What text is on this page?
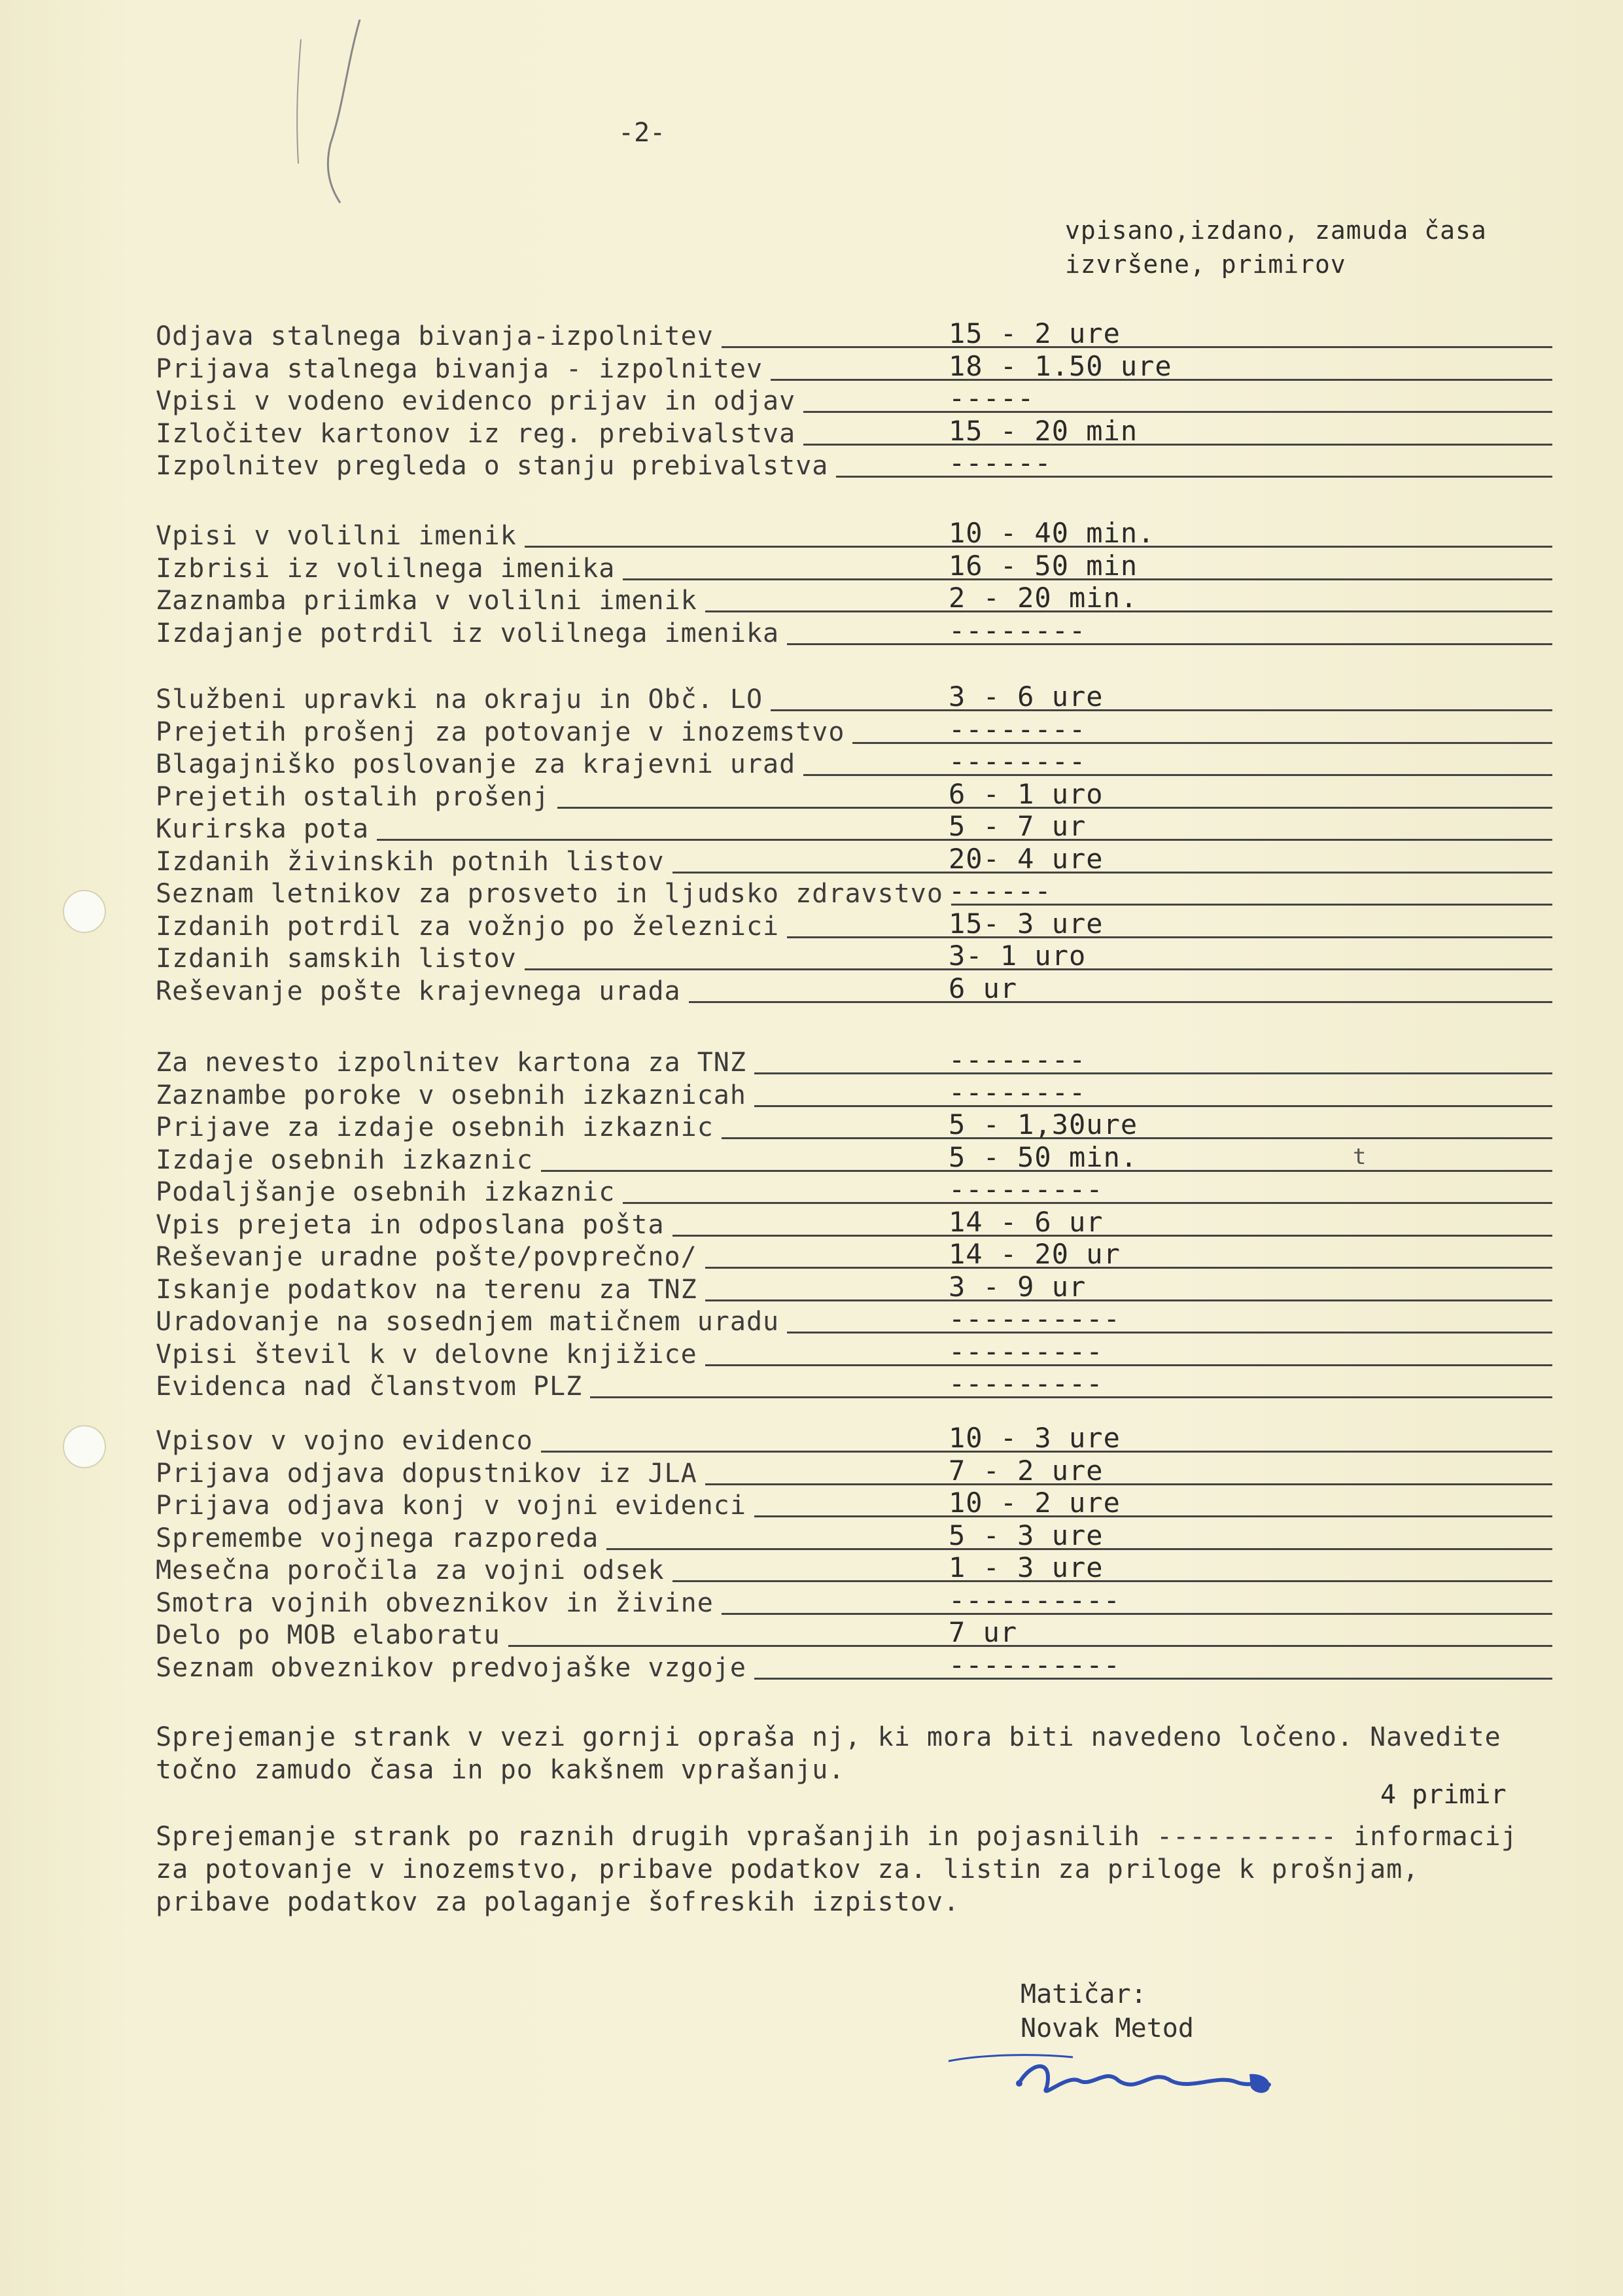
-2-
vpisano,izdano, zamuda časa
izvršene, primirov
Odjava stalnega bivanja-izpolnitev	15 - 2 ure
Prijava stalnega bivanja - izpolnitev	18 - 1.50 ure
Vpisi v vodeno evidenco prijav in odjav	-----
Izločitev kartonov iz reg. prebivalstva	15 - 20 min
Izpolnitev pregleda o stanju prebivalstva	------
Vpisi v volilni imenik	10 - 40 min.
Izbrisi iz volilnega imenika	16 - 50 min
Zaznamba priimka v volilni imenik	2 - 20 min.
Izdajanje potrdil iz volilnega imenika	--------
Službeni upravki na okraju in Obč. LO	3 - 6 ure
Prejetih prošenj za potovanje v inozemstvo	--------
Blagajniško poslovanje za krajevni urad	--------
Prejetih ostalih prošenj	6 - 1 uro
Kurirska pota	5 - 7 ur
Izdanih živinskih potnih listov	20- 4 ure
Seznam letnikov za prosveto in ljudsko zdravstvo ------
Izdanih potrdil za vožnjo po železnici	15- 3 ure
Izdanih samskih listov	3- 1 uro
Reševanje pošte krajevnega urada	6 ur
Za nevesto izpolnitev kartona za TNZ	--------
Zaznambe poroke v osebnih izkaznicah	--------
Prijave za izdaje osebnih izkaznic	5 - 1,30ure
Izdaje osebnih izkaznic	5 - 50 min.
Podaljšanje osebnih izkaznic	---------
Vpis prejeta in odposlana pošta	14 - 6 ur
Reševanje uradne pošte/povprečno/	14 - 20 ur
Iskanje podatkov na terenu za TNZ	3 - 9 ur
Uradovanje na sosednjem matičnem uradu	----------
Vpisi števil k v delovne knjižice	---------
Evidenca nad članstvom PLZ	---------
Vpisov v vojno evidenco	10 - 3 ure
Prijava odjava dopustnikov iz JLA	7 - 2 ure
Prijava odjava konj v vojni evidenci	10 - 2 ure
Spremembe vojnega razporeda	5 - 3 ure
Mesečna poročila za vojni odsek	1 - 3 ure
Smotra vojnih obveznikov in živine	----------
Delo po MOB elaboratu	7 ur
Seznam obveznikov predvojaške vzgoje	----------

Sprejemanje strank v vezi gornji opraša nj, ki mora biti navedeno ločeno. Navedite točno zamudo časa in po kakšnem vprašanju.

4 primir

Sprejemanje strank po raznih drugih vprašanjih in pojasnilih ----------- informacij za potovanje v inozemstvo, pribave podatkov za. listin za priloge k prošnjam, pribave podatkov za polaganje šofreskih izpistov.

Matičar:
Novak Metod
t
